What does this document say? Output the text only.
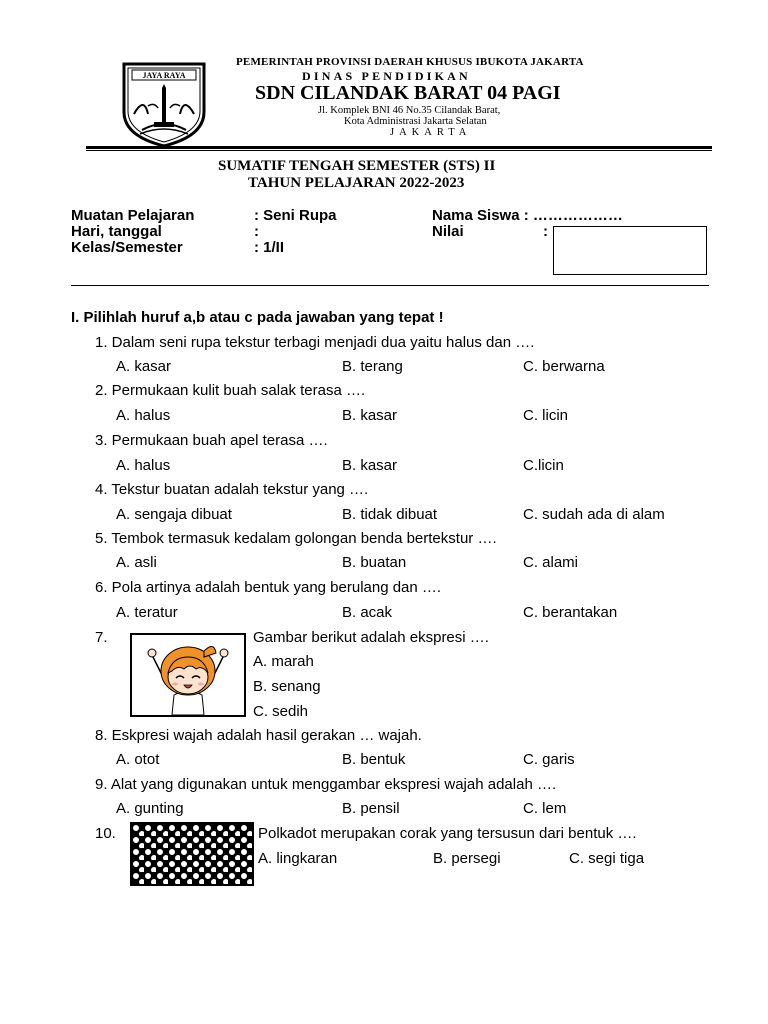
JAYA RAYA
PEMERINTAH PROVINSI DAERAH KHUSUS IBUKOTA JAKARTA
DINAS PENDIDIKAN
SDN CILANDAK BARAT 04 PAGI
Jl. Komplek BNI 46 No.35 Cilandak Barat,
Kota Administrasi Jakarta Selatan
JAKARTA
SUMATIF TENGAH SEMESTER (STS) II
TAHUN PELAJARAN 2022-2023
Muatan Pelajaran	: Seni Rupa
Hari, tanggal	:
Kelas/Semester	: 1/II
Nama Siswa : ………………
Nilai	:
I. Pilihlah huruf a,b atau c pada jawaban yang tepat !
1. Dalam seni rupa tekstur terbagi menjadi dua yaitu halus dan ….
A. kasar	B. terang	C. berwarna
2. Permukaan kulit buah salak terasa ….
A. halus	B. kasar	C. licin
3. Permukaan buah apel terasa ….
A. halus	B. kasar	C.licin
4. Tekstur buatan adalah tekstur yang ….
A. sengaja dibuat	B. tidak dibuat	C. sudah ada di alam
5. Tembok termasuk kedalam golongan benda bertekstur ….
A. asli	B. buatan	C. alami
6. Pola artinya adalah bentuk yang berulang dan ….
A. teratur	B. acak	C. berantakan
7.	Gambar berikut adalah ekspresi ….
A. marah
B. senang
C. sedih
8. Eskpresi wajah adalah hasil gerakan … wajah.
A. otot	B. bentuk	C. garis
9. Alat yang digunakan untuk menggambar ekspresi wajah adalah ….
A. gunting	B. pensil	C. lem
10.	Polkadot merupakan corak yang tersusun dari bentuk ….
A. lingkaran	B. persegi	C. segi tiga
